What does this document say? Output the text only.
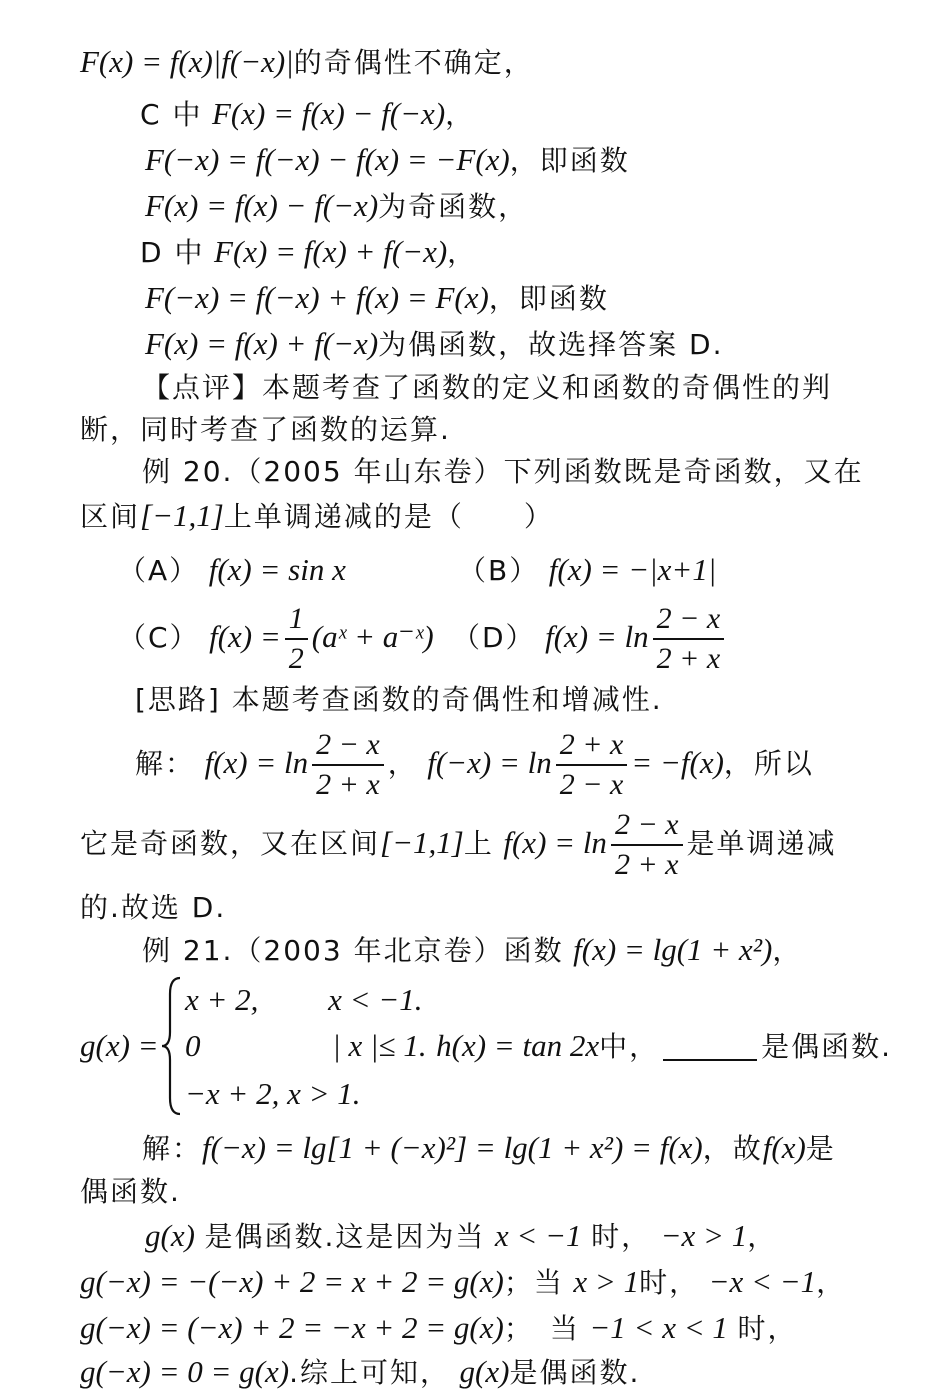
F(x) = f(x)|f(−x)|的奇偶性不确定，
C 中 F(x) = f(x) − f(−x)，
F(−x) = f(−x) − f(x) = −F(x)，即函数
F(x) = f(x) − f(−x)为奇函数，
D 中 F(x) = f(x) + f(−x)，
F(−x) = f(−x) + f(x) = F(x)，即函数
F(x) = f(x) + f(−x)为偶函数，故选择答案 D.
【点评】本题考查了函数的定义和函数的奇偶性的判
断，同时考查了函数的运算.
例 20.（2005 年山东卷）下列函数既是奇函数，又在
区间[−1,1]上单调递减的是（　　）
（A） f(x) = sin x	（B） f(x) = −|x+1|
（C） $f(x) = \frac{1}{2}$ (aˣ + a⁻ˣ) （D） $f(x) = \ln \frac{2 - x}{2 + x}$
[思路] 本题考查函数的奇偶性和增减性.
解： $f(x) = \ln \frac{2 - x}{2 + x}$ ， $f(-x) = \ln \frac{2 + x}{2 - x} = -f(x)$，所以
它是奇函数，又在区间[−1,1]上 $f(x) = \ln \frac{2 - x}{2 + x}$ 是单调递减
的.故选 D.
例 21.（2003 年北京卷）函数 f(x) = lg(1 + x²)，
g(x) =
x + 2,　　 x < −1.
0　　　　 | x |≤ 1. h(x) = tan 2x中，	是偶函数.
−x + 2, x > 1.
解：f(−x) = lg[1 + (−x)²] = lg(1 + x²) = f(x)，故f(x)是
偶函数.
g(x) 是偶函数.这是因为当 x < −1 时， −x > 1，
g(−x) = −(−x) + 2 = x + 2 = g(x)；当 x > 1时， −x < −1，
g(−x) = (−x) + 2 = −x + 2 = g(x)；　当 −1 < x < 1 时，
g(−x) = 0 = g(x).综上可知， g(x)是偶函数.
